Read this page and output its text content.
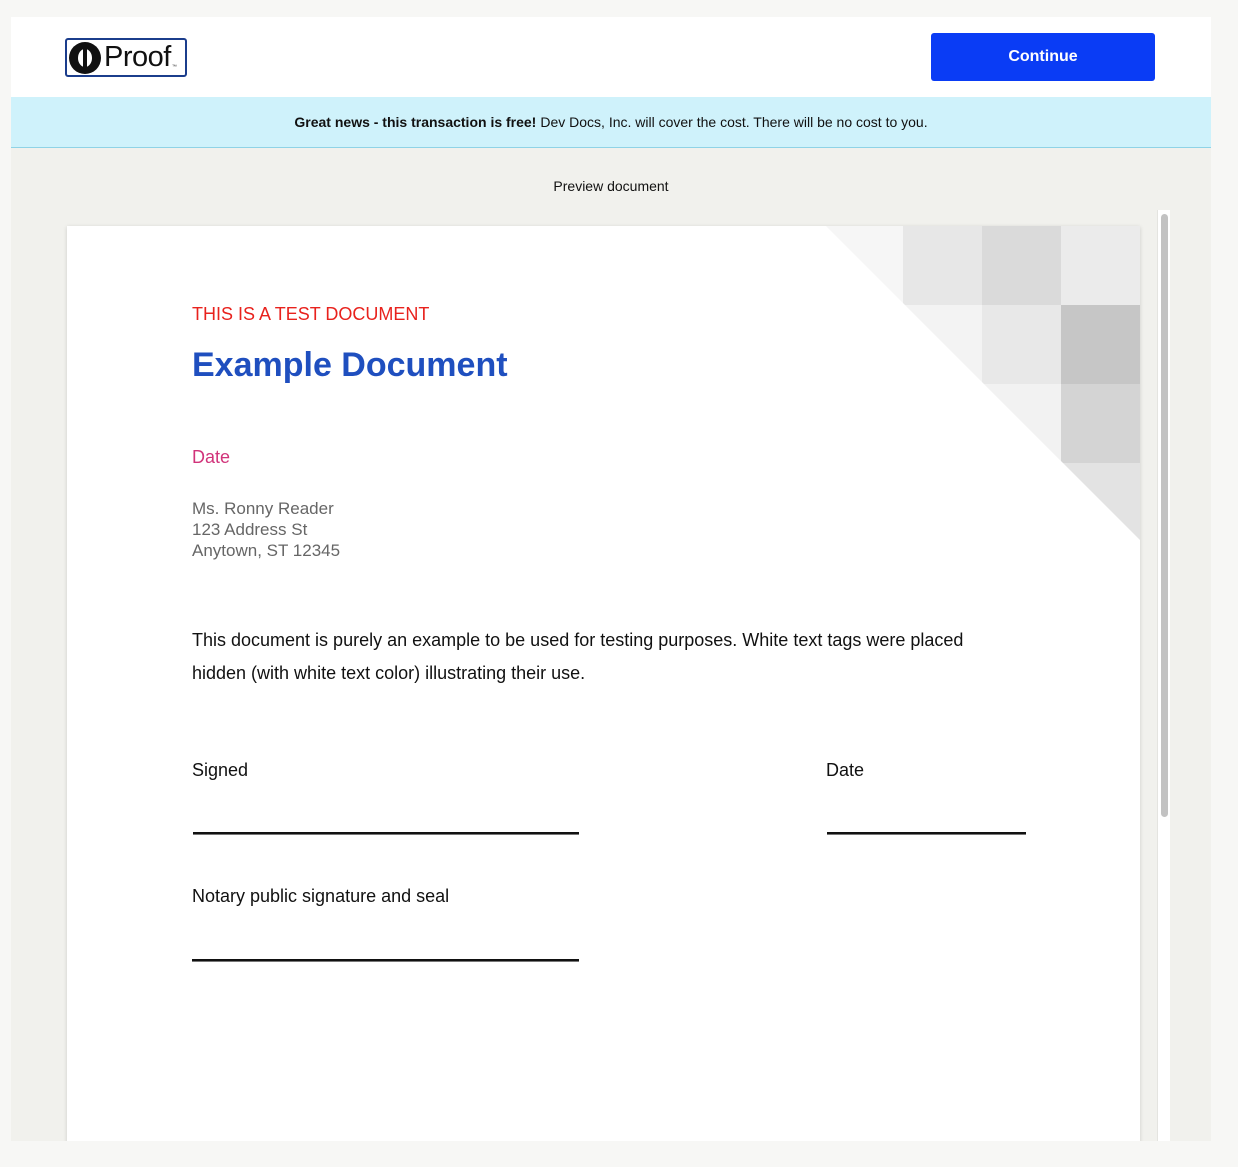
Proof ™
Continue
Great news - this transaction is free! Dev Docs, Inc. will cover the cost. There will be no cost to you.
Preview document
THIS IS A TEST DOCUMENT
Example Document
Date
Ms. Ronny Reader
123 Address St
Anytown, ST 12345
This document is purely an example to be used for testing purposes. White text tags were placed hidden (with white text color) illustrating their use.
Signed	Date
Notary public signature and seal
